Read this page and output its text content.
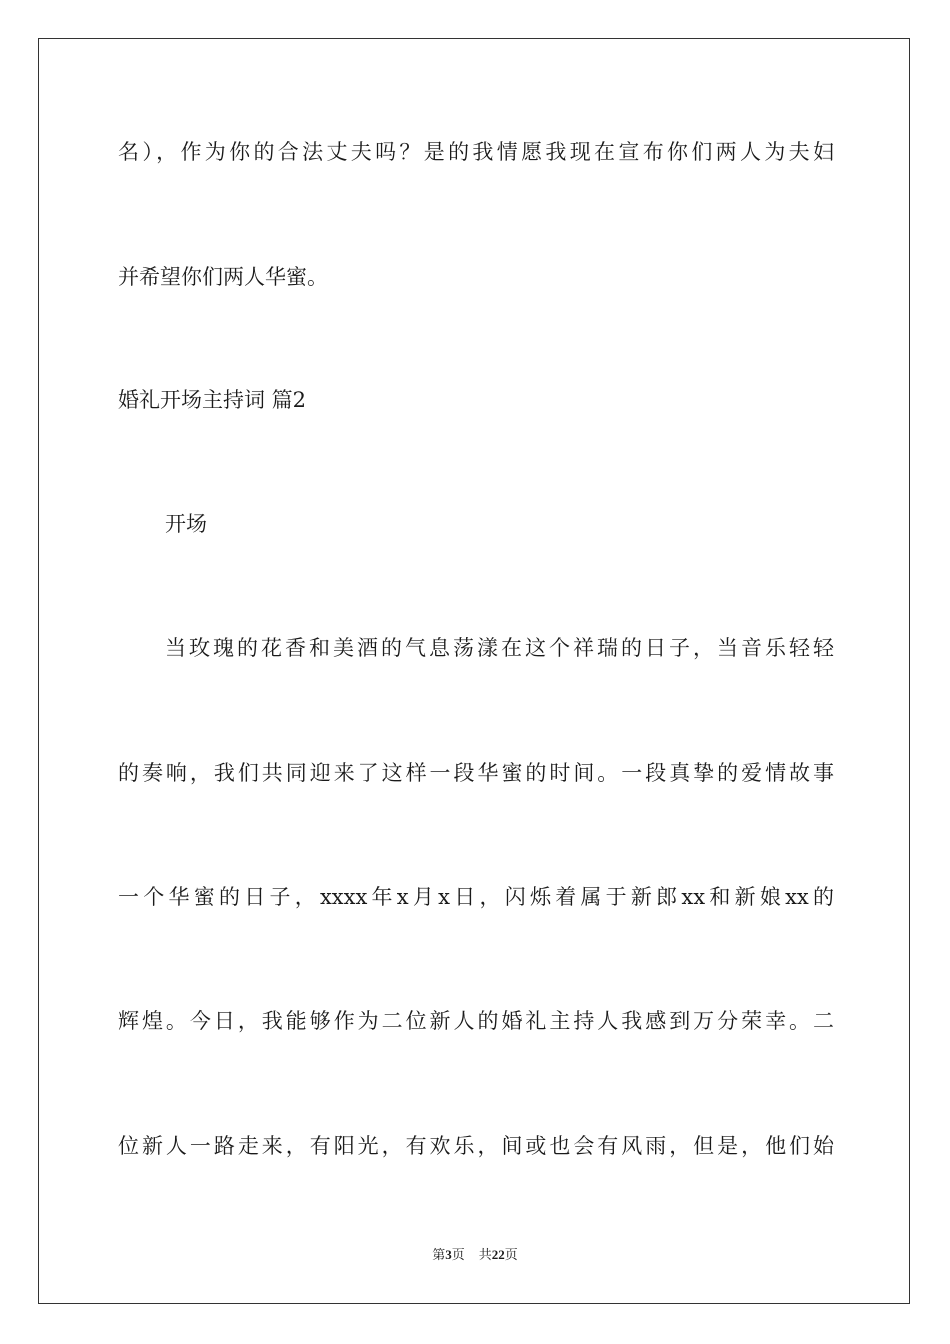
名），作为你的合法丈夫吗？是的我情愿我现在宣布你们两人为夫妇
并希望你们两人华蜜。
婚礼开场主持词 篇2
开场
当玫瑰的花香和美酒的气息荡漾在这个祥瑞的日子，当音乐轻轻
的奏响，我们共同迎来了这样一段华蜜的时间。一段真挚的爱情故事
一个华蜜的日子，xxxx年x月x日，闪烁着属于新郎xx和新娘xx的
辉煌。今日，我能够作为二位新人的婚礼主持人我感到万分荣幸。二
位新人一路走来，有阳光，有欢乐，间或也会有风雨，但是，他们始
第3页 共22页
